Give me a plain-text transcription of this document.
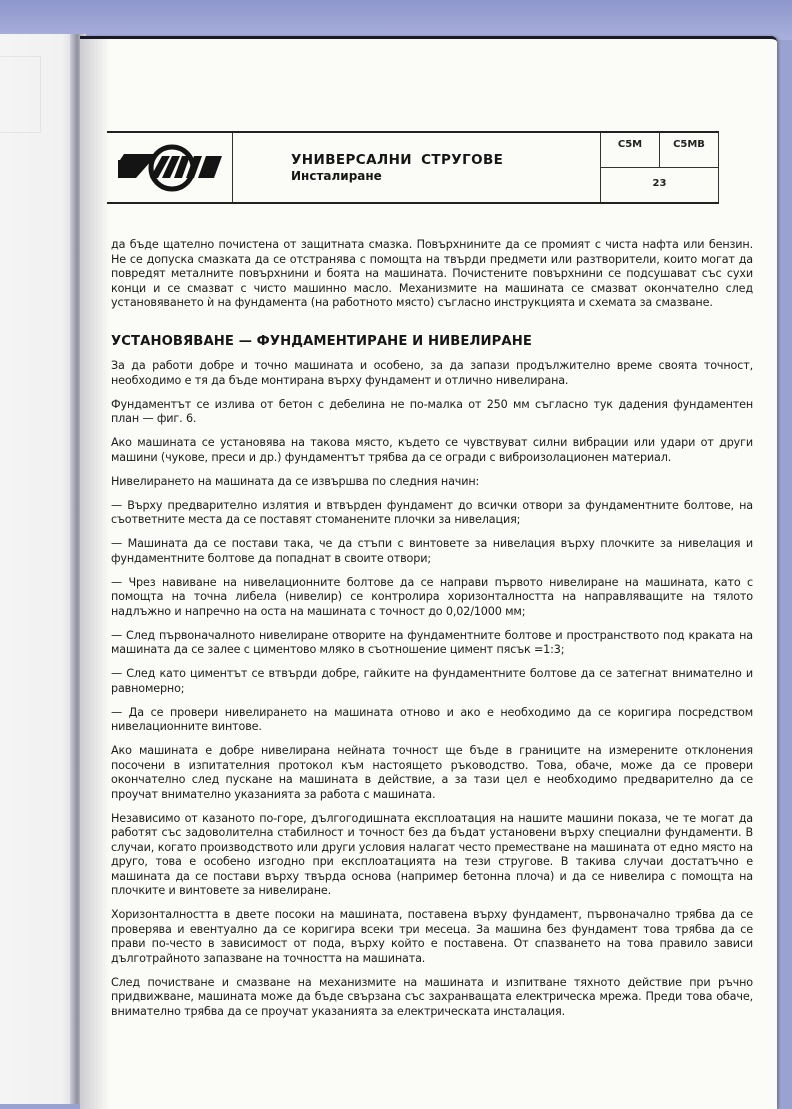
УНИВЕРСАЛНИ СТРУГОВЕ
Инсталиране
С5М	С5МВ
23

да бъде щателно почистена от защитната смазка. Повърхнините да се промият с чиста нафта или бензин. Не се допуска смазката да се отстранява с помощта на твърди предмети или разтворители, които могат да повредят металните повърхнини и боята на машината. Почистените повърхнини се подсушават със сухи конци и се смазват с чисто машинно масло. Механизмите на машината се смазват окончателно след установяването ѝ на фундамента (на работното място) съгласно инструкцията и схемата за смазване.

УСТАНОВЯВАНЕ — ФУНДАМЕНТИРАНЕ И НИВЕЛИРАНЕ

За да работи добре и точно машината и особено, за да запази продължително време своята точност, необходимо е тя да бъде монтирана върху фундамент и отлично нивелирана.

Фундаментът се излива от бетон с дебелина не по-малка от 250 мм съгласно тук дадения фундаментен план — фиг. 6.

Ако машината се установява на такова място, където се чувствуват силни вибрации или удари от други машини (чукове, преси и др.) фундаментът трябва да се огради с виброизолационен материал.

Нивелирането на машината да се извършва по следния начин:

— Върху предварително излятия и втвърден фундамент до всички отвори за фундаментните болтове, на съответните места да се поставят стоманените плочки за нивелация;

— Машината да се постави така, че да стъпи с винтовете за нивелация върху плочките за нивелация и фундаментните болтове да попаднат в своите отвори;

— Чрез навиване на нивелационните болтове да се направи първото нивелиране на машината, като с помощта на точна либела (нивелир) се контролира хоризонталността на направляващите на тялото надлъжно и напречно на оста на машината с точност до 0,02/1000 мм;

— След първоначалното нивелиране отворите на фундаментните болтове и пространството под краката на машината да се залее с циментово мляко в съотношение цимент пясък =1:3;

— След като циментът се втвърди добре, гайките на фундаментните болтове да се затегнат внимателно и равномерно;

— Да се провери нивелирането на машината отново и ако е необходимо да се коригира посредством нивелационните винтове.

Ако машината е добре нивелирана нейната точност ще бъде в границите на измерените отклонения посочени в изпитателния протокол към настоящето ръководство. Това, обаче, може да се провери окончателно след пускане на машината в действие, а за тази цел е необходимо предварително да се проучат внимателно указанията за работа с машината.

Независимо от казаното по-горе, дългогодишната експлоатация на нашите машини показа, че те могат да работят със задоволителна стабилност и точност без да бъдат установени върху специални фундаменти. В случаи, когато производството или други условия налагат често преместване на машината от едно място на друго, това е особено изгодно при експлоатацията на тези стругове. В такива случаи достатъчно е машината да се постави върху твърда основа (например бетонна плоча) и да се нивелира с помощта на плочките и винтовете за нивелиране.

Хоризонталността в двете посоки на машината, поставена върху фундамент, първоначално трябва да се проверява и евентуално да се коригира всеки три месеца. За машина без фундамент това трябва да се прави по-често в зависимост от пода, върху който е поставена. От спазването на това правило зависи дълготрайното запазване на точността на машината.

След почистване и смазване на механизмите на машината и изпитване тяхното действие при ръчно придвижване, машината може да бъде свързана със захранващата електрическа мрежа. Преди това обаче, внимателно трябва да се проучат указанията за електрическата инсталация.
